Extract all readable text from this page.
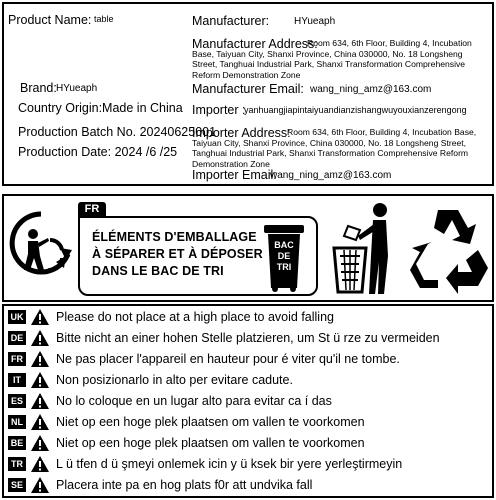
Product Name: table	Manufacturer: HYueaph
Manufacturer Address:
Room 634, 6th Floor, Building 4, Incubation Base, Taiyuan City, Shanxi Province, China 030000, No. 18 Longsheng Street, Tanghuai Industrial Park, Shanxi Transformation Comprehensive Reform Demonstration Zone
Brand: HYueaph	Manufacturer Email: wang_ning_amz@163.com
Country Origin:Made in China Importer :
yanhuangjiapintaiyuandianzishangwuyouxianzerengong
Production Batch No. 20240625001
Importer Address:
Room 634, 6th Floor, Building 4, Incubation Base, Taiyuan City, Shanxi Province, China 030000, No. 18 Longsheng Street, Tanghuai Industrial Park, Shanxi Transformation Comprehensive Reform Demonstration Zone
Production Date: 2024 /6 /25
Importer Email:
wang_ning_amz@163.com
FR
ÉLÉMENTS D'EMBALLAGE
À SÉPARER ET À DÉPOSER
DANS LE BAC DE TRI
BAC
DE
TRI
UK	Please do not place at a high place to avoid falling
DE	Bitte nicht an einer hohen Stelle platzieren, um St ü rze zu vermeiden
FR	Ne pas placer l'appareil en hauteur pour é viter qu'il ne tombe.
IT	Non posizionarlo in alto per evitare cadute.
ES	No lo coloque en un lugar alto para evitar ca í das
NL	Niet op een hoge plek plaatsen om vallen te voorkomen
BE	Niet op een hoge plek plaatsen om vallen te voorkomen
TR	L ü tfen d ü şmeyi onlemek icin y ü ksek bir yere yerleştirmeyin
SE	Placera inte pa en hog plats f0r att undvika fall
